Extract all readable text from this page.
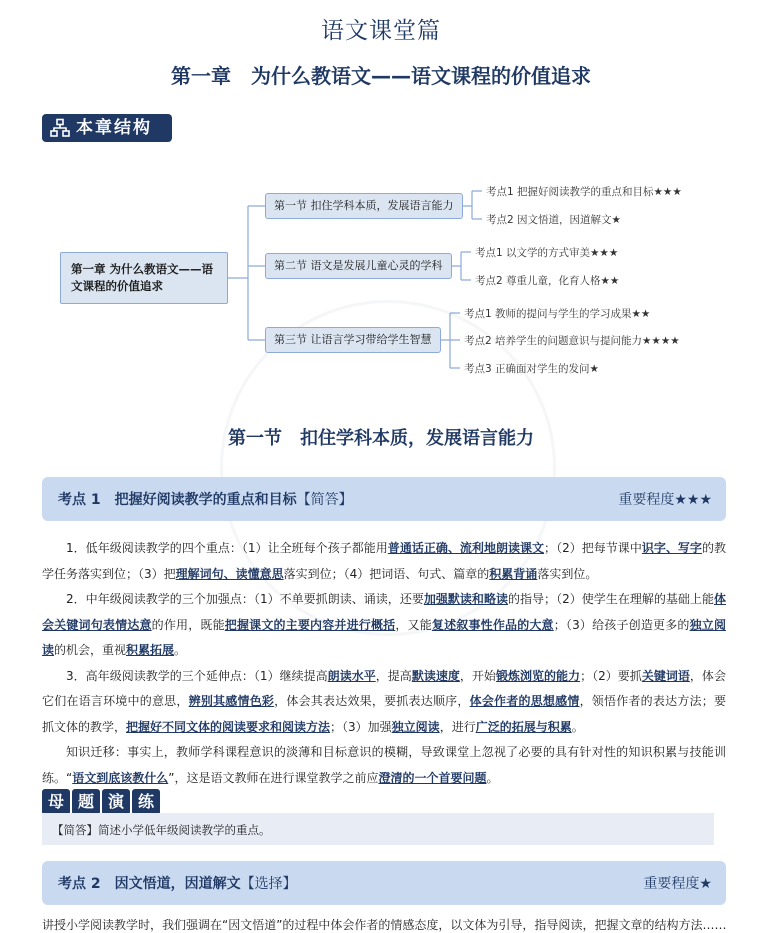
语文课堂篇
第一章　为什么教语文——语文课程的价值追求
本章结构
第一章 为什么教语文——语文课程的价值追求
第一节 扣住学科本质，发展语言能力
第二节 语文是发展儿童心灵的学科
第三节 让语言学习带给学生智慧
考点1 把握好阅读教学的重点和目标★★★
考点2 因文悟道，因道解文★
考点1 以文学的方式审美★★★
考点2 尊重儿童，化育人格★★
考点1 教师的提问与学生的学习成果★★
考点2 培养学生的问题意识与提问能力★★★★
考点3 正确面对学生的发问★
第一节　扣住学科本质，发展语言能力
考点 1　把握好阅读教学的重点和目标【简答】	重要程度★★★

1．低年级阅读教学的四个重点：（1）让全班每个孩子都能用普通话正确、流利地朗读课文；（2）把每节课中识字、写字的教学任务落实到位；（3）把理解词句、读懂意思落实到位；（4）把词语、句式、篇章的积累背诵落实到位。

2．中年级阅读教学的三个加强点：（1）不单要抓朗读、诵读，还要加强默读和略读的指导；（2）使学生在理解的基础上能体会关键词句表情达意的作用，既能把握课文的主要内容并进行概括，又能复述叙事性作品的大意；（3）给孩子创造更多的独立阅读的机会，重视积累拓展。

3．高年级阅读教学的三个延伸点：（1）继续提高朗读水平，提高默读速度，开始锻炼浏览的能力；（2）要抓关键词语，体会它们在语言环境中的意思，辨别其感情色彩，体会其表达效果，要抓表达顺序，体会作者的思想感情，领悟作者的表达方法；要抓文体的教学，把握好不同文体的阅读要求和阅读方法；（3）加强独立阅读，进行广泛的拓展与积累。

知识迁移：事实上，教师学科课程意识的淡薄和目标意识的模糊，导致课堂上忽视了必要的具有针对性的知识积累与技能训练。“语文到底该教什么”，这是语文教师在进行课堂教学之前应澄清的一个首要问题。

母 题 演 练
【简答】简述小学低年级阅读教学的重点。
考点 2　因文悟道，因道解文【选择】	重要程度★
讲授小学阅读教学时，我们强调在“因文悟道”的过程中体会作者的情感态度，以文体为引导，指导阅读，把握文章的结构方法……
